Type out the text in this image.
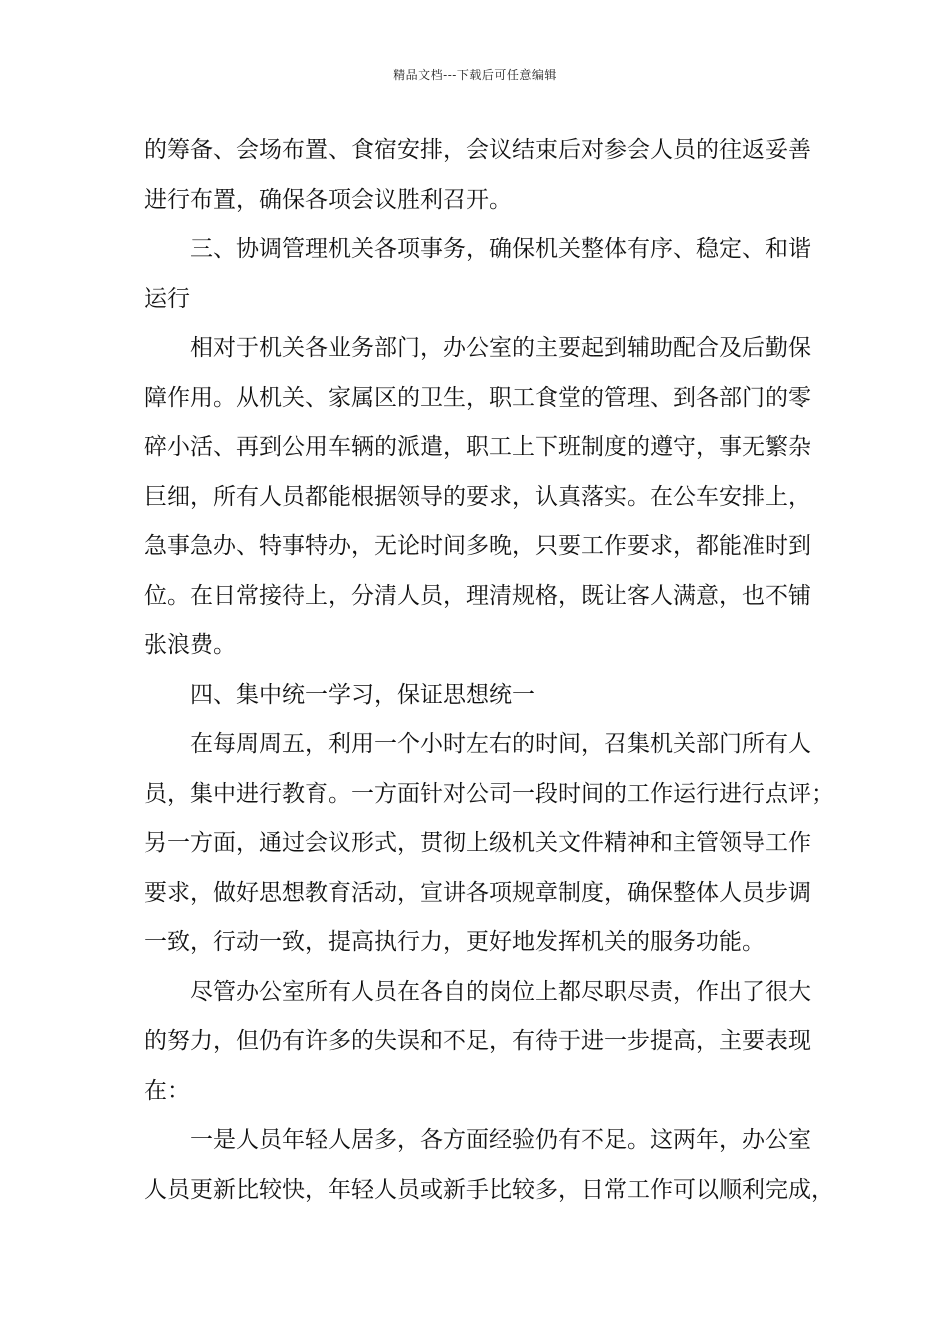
精品文档---下载后可任意编辑
的筹备、会场布置、食宿安排，会议结束后对参会人员的往返妥善
进行布置，确保各项会议胜利召开。
三、协调管理机关各项事务，确保机关整体有序、稳定、和谐
运行
相对于机关各业务部门，办公室的主要起到辅助配合及后勤保
障作用。从机关、家属区的卫生，职工食堂的管理、到各部门的零
碎小活、再到公用车辆的派遣，职工上下班制度的遵守，事无繁杂
巨细，所有人员都能根据领导的要求，认真落实。在公车安排上，
急事急办、特事特办，无论时间多晚，只要工作要求，都能准时到
位。在日常接待上，分清人员，理清规格，既让客人满意，也不铺
张浪费。
四、集中统一学习，保证思想统一
在每周周五，利用一个小时左右的时间，召集机关部门所有人
员，集中进行教育。一方面针对公司一段时间的工作运行进行点评；
另一方面，通过会议形式，贯彻上级机关文件精神和主管领导工作
要求，做好思想教育活动，宣讲各项规章制度，确保整体人员步调
一致，行动一致，提高执行力，更好地发挥机关的服务功能。
尽管办公室所有人员在各自的岗位上都尽职尽责，作出了很大
的努力，但仍有许多的失误和不足，有待于进一步提高，主要表现
在：
一是人员年轻人居多，各方面经验仍有不足。这两年，办公室
人员更新比较快，年轻人员或新手比较多，日常工作可以顺利完成，
